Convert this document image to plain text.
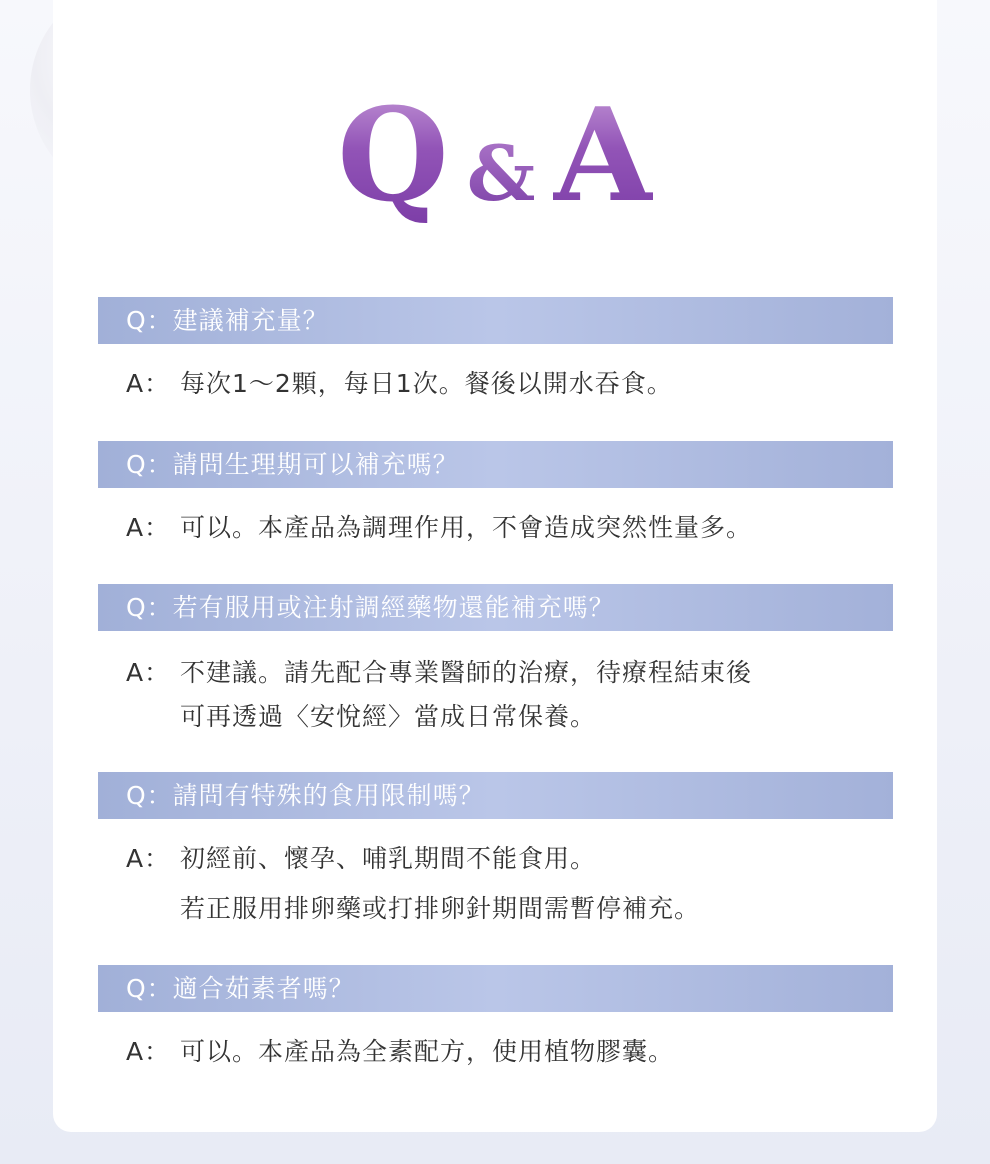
Q & A
Q：建議補充量？
A： 每次1～2顆，每日1次。餐後以開水吞食。
Q：請問生理期可以補充嗎？
A： 可以。本產品為調理作用，不會造成突然性量多。
Q：若有服用或注射調經藥物還能補充嗎？
A： 不建議。請先配合專業醫師的治療，待療程結束後
可再透過〈安悅經〉當成日常保養。
Q：請問有特殊的食用限制嗎？
A： 初經前、懷孕、哺乳期間不能食用。
若正服用排卵藥或打排卵針期間需暫停補充。
Q：適合茹素者嗎？
A： 可以。本產品為全素配方，使用植物膠囊。
